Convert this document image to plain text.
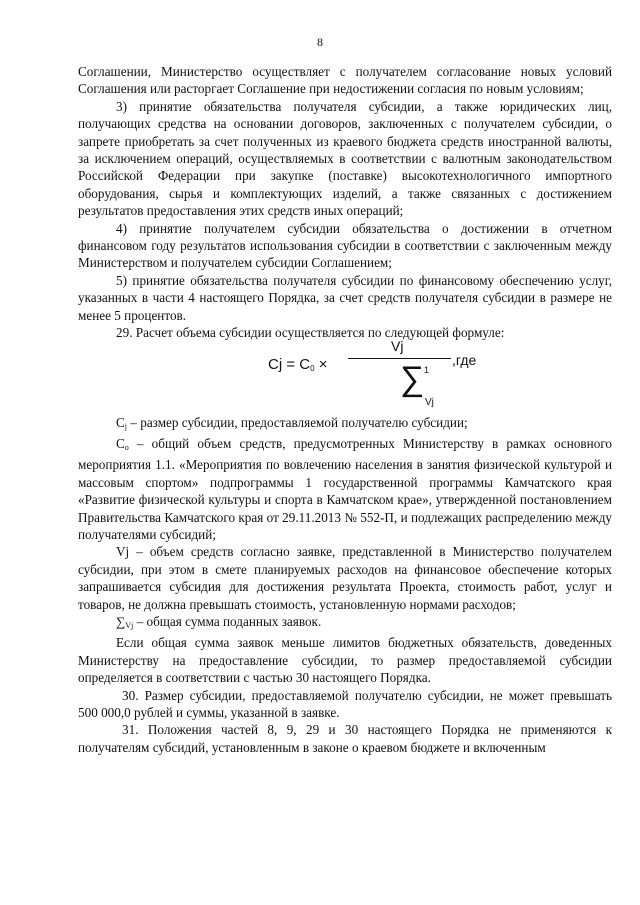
8

Соглашении, Министерство осуществляет с получателем согласование новых условий Соглашения или расторгает Соглашение при недостижении согласия по новым условиям;

3) принятие обязательства получателя субсидии, а также юридических лиц, получающих средства на основании договоров, заключенных с получателем субсидии, о запрете приобретать за счет полученных из краевого бюджета средств иностранной валюты, за исключением операций, осуществляемых в соответствии с валютным законодательством Российской Федерации при закупке (поставке) высокотехнологичного импортного оборудования, сырья и комплектующих изделий, а также связанных с достижением результатов предоставления этих средств иных операций;

4) принятие получателем субсидии обязательства о достижении в отчетном финансовом году результатов использования субсидии в соответствии с заключенным между Министерством и получателем субсидии Соглашением;

5) принятие обязательства получателя субсидии по финансовому обеспечению услуг, указанных в части 4 настоящего Порядка, за счет средств получателя субсидии в размере не менее 5 процентов.

29. Расчет объема субсидии осуществляется по следующей формуле:

$Cj = C_0$ ×
Vj
,где
∑ 1
Vj

$C_j$ – размер субсидии, предоставляемой получателю субсидии;

$C_o$ – общий объем средств, предусмотренных Министерству в рамках основного мероприятия 1.1. «Мероприятия по вовлечению населения в занятия физической культурой и массовым спортом» подпрограммы 1 государственной программы Камчатского края «Развитие физической культуры и спорта в Камчатском крае», утвержденной постановлением Правительства Камчатского края от 29.11.2013 № 552-П, и подлежащих распределению между получателями субсидий;

Vj – объем средств согласно заявке, представленной в Министерство получателем субсидии, при этом в смете планируемых расходов на финансовое обеспечение которых запрашивается субсидия для достижения результата Проекта, стоимость работ, услуг и товаров, не должна превышать стоимость, установленную нормами расходов;

$\sum_{Vj}$ – общая сумма поданных заявок.

Если общая сумма заявок меньше лимитов бюджетных обязательств, доведенных Министерству на предоставление субсидии, то размер предоставляемой субсидии определяется в соответствии с частью 30 настоящего Порядка.

30. Размер субсидии, предоставляемой получателю субсидии, не может превышать 500 000,0 рублей и суммы, указанной в заявке.

31. Положения частей 8, 9, 29 и 30 настоящего Порядка не применяются к получателям субсидий, установленным в законе о краевом бюджете и включенным
